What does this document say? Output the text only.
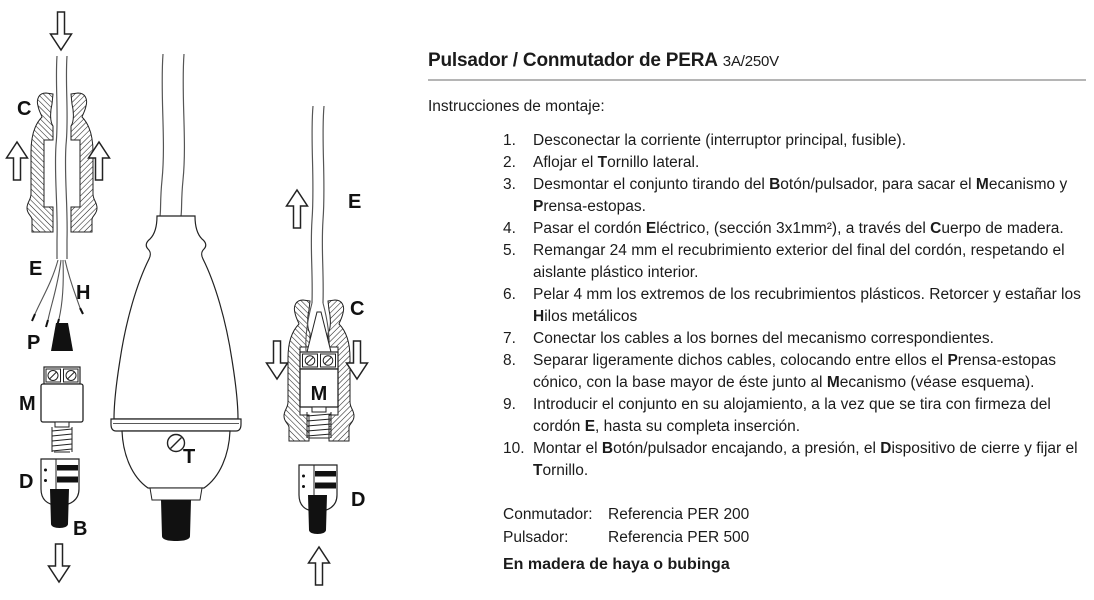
C
E
H
P
M
D
B
T
E
C
M
D
Pulsador / Conmutador de PERA 3A/250V

Instrucciones de montaje:

1.	Desconectar la corriente (interruptor principal, fusible).
2.	Aflojar el Tornillo lateral.
3.	Desmontar el conjunto tirando del Botón/pulsador, para sacar el Mecanismo y Prensa-estopas.
4.	Pasar el cordón Eléctrico, (sección 3x1mm²), a través del Cuerpo de madera.
5.	Remangar 24 mm el recubrimiento exterior del final del cordón, respetando el aislante plástico interior.
6.	Pelar 4 mm los extremos de los recubrimientos plásticos. Retorcer y estañar los Hilos metálicos
7.	Conectar los cables a los bornes del mecanismo correspondientes.
8.	Separar ligeramente dichos cables, colocando entre ellos el Prensa-estopas cónico, con la base mayor de éste junto al Mecanismo (véase esquema).
9.	Introducir el conjunto en su alojamiento, a la vez que se tira con firmeza del cordón E, hasta su completa inserción.
10. Montar el Botón/pulsador encajando, a presión, el Dispositivo de cierre y fijar el Tornillo.
Conmutador: Referencia PER 200
Pulsador:	Referencia PER 500

En madera de haya o bubinga
